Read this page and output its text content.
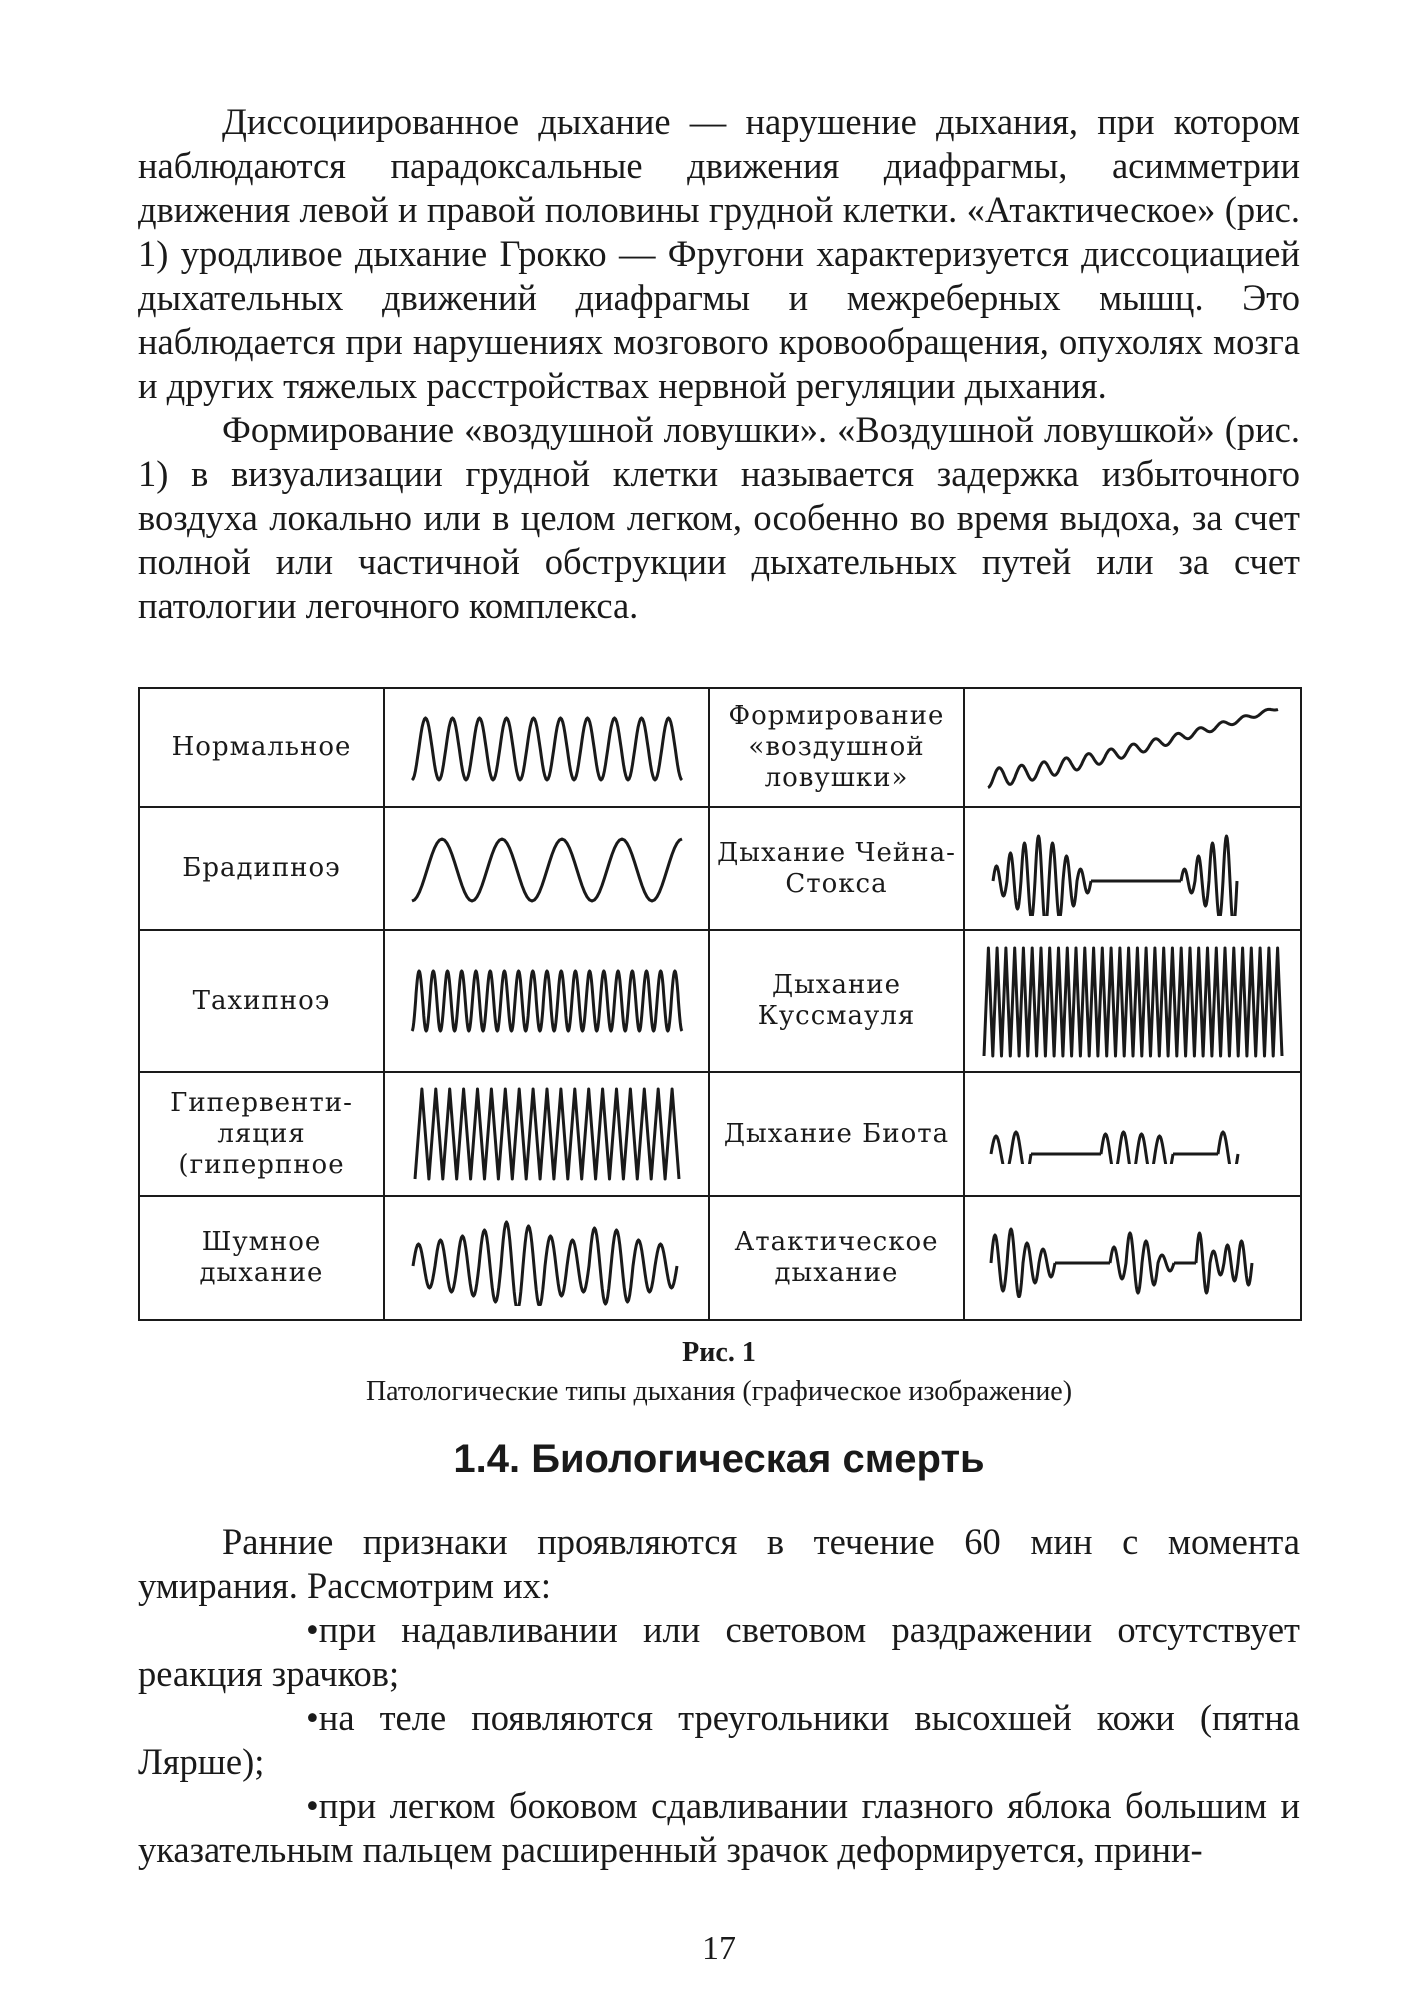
Диссоциированное дыхание — нарушение дыхания, при котором наблюдаются парадоксальные движения диафрагмы, асимметрии движения левой и правой половины грудной клетки. «Атактическое» (рис. 1) уродливое дыхание Грокко — Фругони характеризуется диссоциацией дыхательных движений диафрагмы и межреберных мышц. Это наблюдается при нарушениях мозгового кровообращения, опухолях мозга и других тяжелых расстройствах нервной регуляции дыхания.

Формирование «воздушной ловушки». «Воздушной ловушкой» (рис. 1) в визуализации грудной клетки называется задержка избыточного воздуха локально или в целом легком, особенно во время выдоха, за счет полной или частичной обструкции дыхательных путей или за счет патологии легочного комплекса.

Нормальное		Формирование «воздушной ловушки»	

Брадипноэ		Дыхание Чейна-Стокса	

Тахипноэ		Дыхание Куссмауля	

Гипервенти- ляция (гиперпное		Дыхание Биота	

Шумное дыхание		Атактическое дыхание	
Рис. 1
Патологические типы дыхания (графическое изображение)
1.4. Биологическая смерть

Ранние признаки проявляются в течение 60 мин с момента умирания. Рассмотрим их:

•при надавливании или световом раздражении отсутствует реакция зрачков;

•на теле появляются треугольники высохшей кожи (пятна Лярше);

•при легком боковом сдавливании глазного яблока большим и указательным пальцем расширенный зрачок деформируется, прини-

17
